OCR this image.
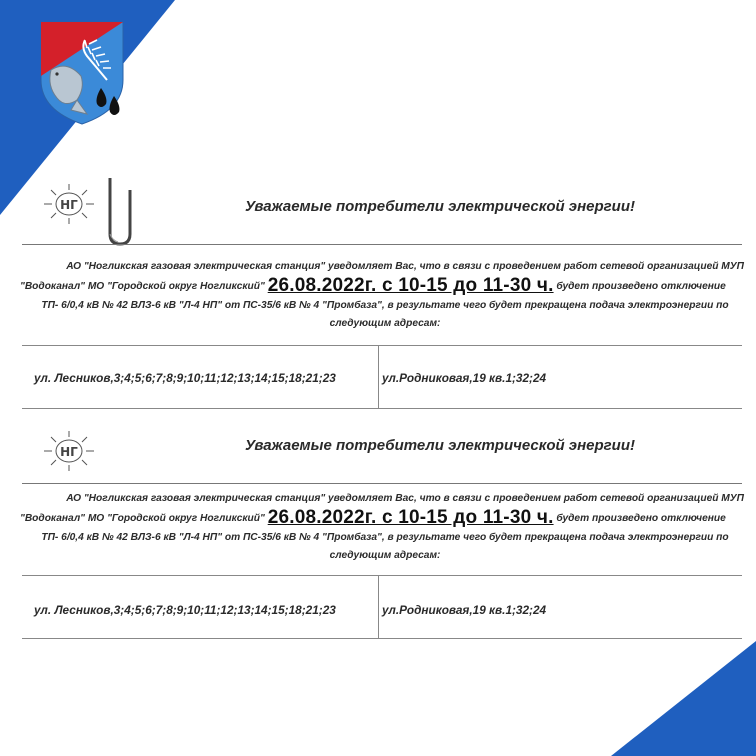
НГ	Уважаемые потребители электрической энергии!
АО "Ногликская газовая электрическая станция" уведомляет Вас, что в связи с проведением работ сетевой организацией МУП
"Водоканал" МО "Городской округ Ногликский" 26.08.2022г. с 10-15 до 11-30 ч. будет произведено отключение
ТП- 6/0,4 кВ № 42 ВЛЗ-6 кВ "Л-4 НП" от ПС-35/6 кВ № 4 "Промбаза", в результате чего будет прекращена подача электроэнергии по
следующим адресам:
ул. Лесников,3;4;5;6;7;8;9;10;11;12;13;14;15;18;21;23	ул.Родниковая,19 кв.1;32;24
НГ	Уважаемые потребители электрической энергии!
АО "Ногликская газовая электрическая станция" уведомляет Вас, что в связи с проведением работ сетевой организацией МУП
"Водоканал" МО "Городской округ Ногликский" 26.08.2022г. с 10-15 до 11-30 ч. будет произведено отключение
ТП- 6/0,4 кВ № 42 ВЛЗ-6 кВ "Л-4 НП" от ПС-35/6 кВ № 4 "Промбаза", в результате чего будет прекращена подача электроэнергии по
следующим адресам:
ул. Лесников,3;4;5;6;7;8;9;10;11;12;13;14;15;18;21;23	ул.Родниковая,19 кв.1;32;24
